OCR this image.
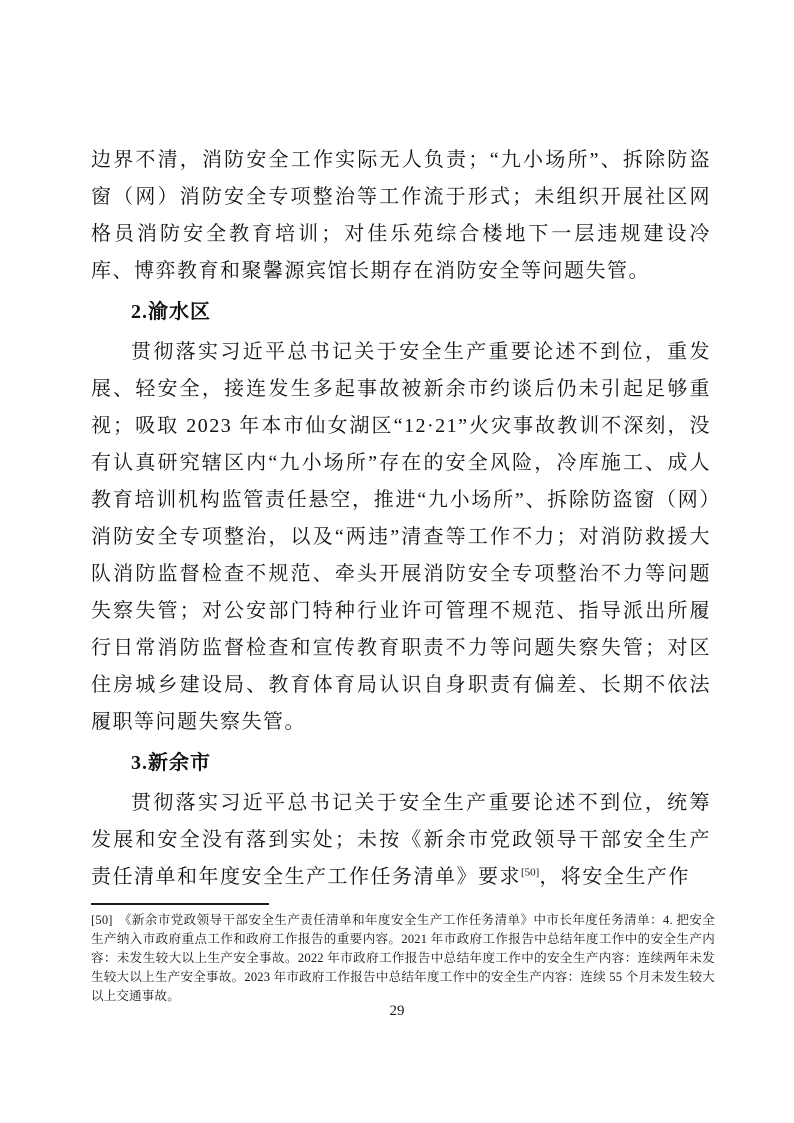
边界不清，消防安全工作实际无人负责；“九小场所”、拆除防盗窗（网）消防安全专项整治等工作流于形式；未组织开展社区网格员消防安全教育培训；对佳乐苑综合楼地下一层违规建设冷库、博弈教育和聚馨源宾馆长期存在消防安全等问题失管。

2.渝水区

贯彻落实习近平总书记关于安全生产重要论述不到位，重发展、轻安全，接连发生多起事故被新余市约谈后仍未引起足够重视；吸取 2023 年本市仙女湖区“12·21”火灾事故教训不深刻，没有认真研究辖区内“九小场所”存在的安全风险，冷库施工、成人教育培训机构监管责任悬空，推进“九小场所”、拆除防盗窗（网）消防安全专项整治，以及“两违”清查等工作不力；对消防救援大队消防监督检查不规范、牵头开展消防安全专项整治不力等问题失察失管；对公安部门特种行业许可管理不规范、指导派出所履行日常消防监督检查和宣传教育职责不力等问题失察失管；对区住房城乡建设局、教育体育局认识自身职责有偏差、长期不依法履职等问题失察失管。

3.新余市

贯彻落实习近平总书记关于安全生产重要论述不到位，统筹发展和安全没有落到实处；未按《新余市党政领导干部安全生产责任清单和年度安全生产工作任务清单》要求[50]，将安全生产作

[50] 《新余市党政领导干部安全生产责任清单和年度安全生产工作任务清单》中市长年度任务清单：4. 把安全生产纳入市政府重点工作和政府工作报告的重要内容。2021 年市政府工作报告中总结年度工作中的安全生产内容：未发生较大以上生产安全事故。2022 年市政府工作报告中总结年度工作中的安全生产内容：连续两年未发生较大以上生产安全事故。2023 年市政府工作报告中总结年度工作中的安全生产内容：连续 55 个月未发生较大以上交通事故。

29
